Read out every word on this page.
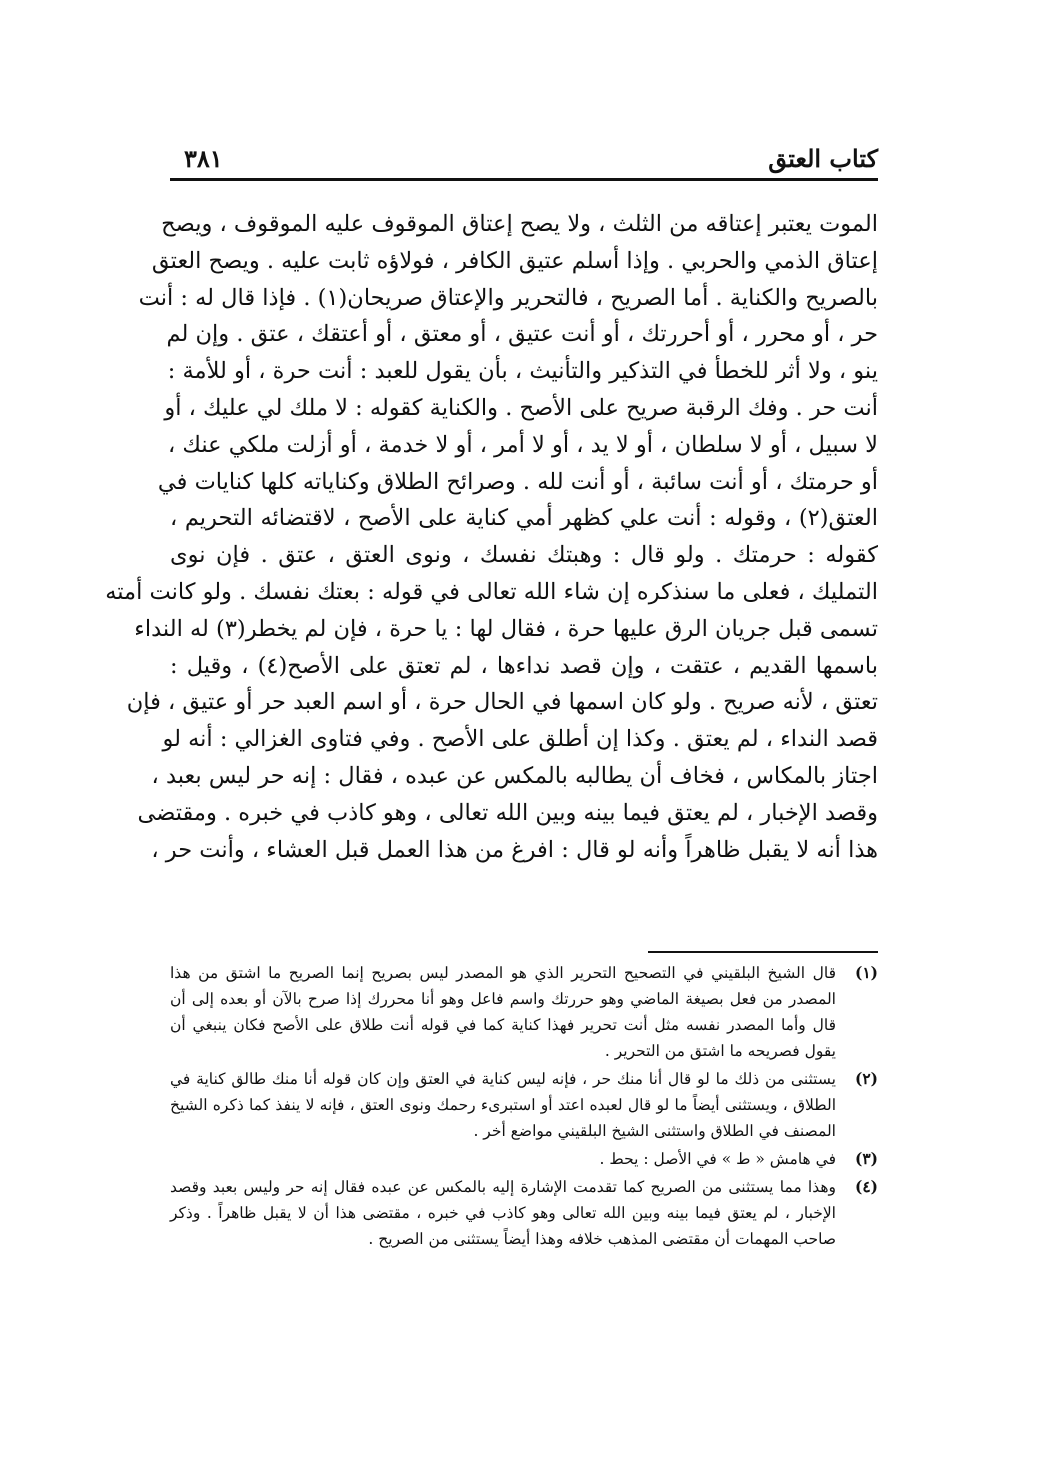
كتاب العتق
٣٨١
الموت يعتبر إعتاقه من الثلث ، ولا يصح إعتاق الموقوف عليه الموقوف ، ويصح
إعتاق الذمي والحربي . وإذا أسلم عتيق الكافر ، فولاؤه ثابت عليه . ويصح العتق
بالصريح والكناية . أما الصريح ، فالتحرير والإعتاق صريحان(١) . فإذا قال له : أنت
حر ، أو محرر ، أو أحررتك ، أو أنت عتيق ، أو معتق ، أو أعتقك ، عتق . وإن لم
ينو ، ولا أثر للخطأ في التذكير والتأنيث ، بأن يقول للعبد : أنت حرة ، أو للأمة :
أنت حر . وفك الرقبة صريح على الأصح . والكناية كقوله : لا ملك لي عليك ، أو
لا سبيل ، أو لا سلطان ، أو لا يد ، أو لا أمر ، أو لا خدمة ، أو أزلت ملكي عنك ،
أو حرمتك ، أو أنت سائبة ، أو أنت لله . وصرائح الطلاق وكناياته كلها كنايات في
العتق(٢) ، وقوله : أنت علي كظهر أمي كناية على الأصح ، لاقتضائه التحريم ،
كقوله : حرمتك . ولو قال : وهبتك نفسك ، ونوى العتق ، عتق . فإن نوى
التمليك ، فعلى ما سنذكره إن شاء الله تعالى في قوله : بعتك نفسك . ولو كانت أمته
تسمى قبل جريان الرق عليها حرة ، فقال لها : يا حرة ، فإن لم يخطر(٣) له النداء
باسمها القديم ، عتقت ، وإن قصد نداءها ، لم تعتق على الأصح(٤) ، وقيل :
تعتق ، لأنه صريح . ولو كان اسمها في الحال حرة ، أو اسم العبد حر أو عتيق ، فإن
قصد النداء ، لم يعتق . وكذا إن أطلق على الأصح . وفي فتاوى الغزالي : أنه لو
اجتاز بالمكاس ، فخاف أن يطالبه بالمكس عن عبده ، فقال : إنه حر ليس بعبد ،
وقصد الإخبار ، لم يعتق فيما بينه وبين الله تعالى ، وهو كاذب في خبره . ومقتضى
هذا أنه لا يقبل ظاهراً وأنه لو قال : افرغ من هذا العمل قبل العشاء ، وأنت حر ،
(١)
قال الشيخ البلقيني في التصحيح التحرير الذي هو المصدر ليس بصريح إنما الصريح ما اشتق من هذا المصدر من فعل بصيغة الماضي وهو حررتك واسم فاعل وهو أنا محررك إذا صرح بالآن أو بعده إلى أن قال وأما المصدر نفسه مثل أنت تحرير فهذا كناية كما في قوله أنت طلاق على الأصح فكان ينبغي أن يقول فصريحه ما اشتق من التحرير .
(٢)
يستثنى من ذلك ما لو قال أنا منك حر ، فإنه ليس كناية في العتق وإن كان قوله أنا منك طالق كناية في الطلاق ، ويستثنى أيضاً ما لو قال لعبده اعتد أو استبرىء رحمك ونوى العتق ، فإنه لا ينفذ كما ذكره الشيخ المصنف في الطلاق واستثنى الشيخ البلقيني مواضع أخر .
(٣)
في هامش « ط » في الأصل : يحط .
(٤)
وهذا مما يستثنى من الصريح كما تقدمت الإشارة إليه بالمكس عن عبده فقال إنه حر وليس بعبد وقصد الإخبار ، لم يعتق فيما بينه وبين الله تعالى وهو كاذب في خبره ، مقتضى هذا أن لا يقبل ظاهراً . وذكر صاحب المهمات أن مقتضى المذهب خلافه وهذا أيضاً يستثنى من الصريح .
